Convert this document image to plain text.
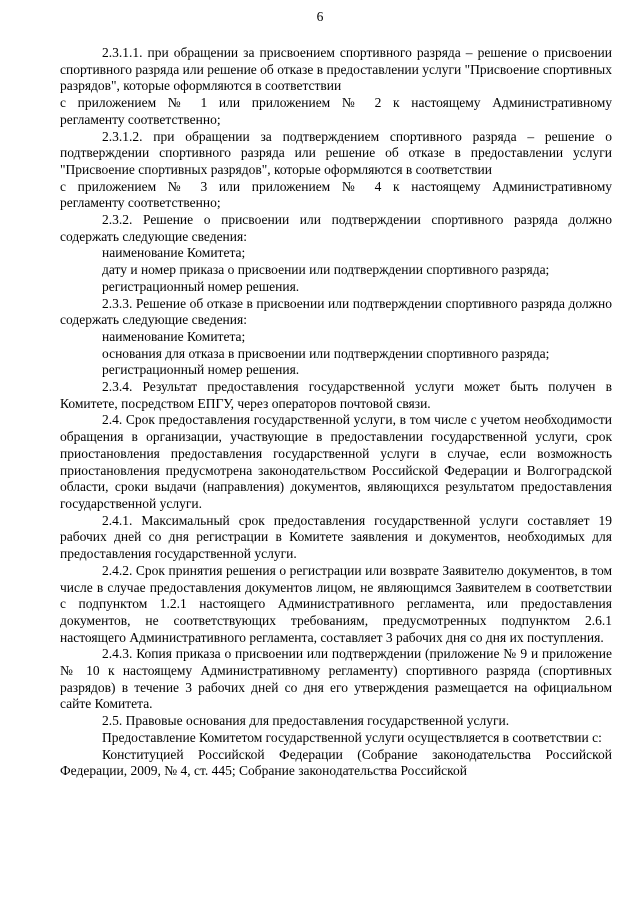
6

2.3.1.1. при обращении за присвоением спортивного разряда – решение о присвоении спортивного разряда или решение об отказе в предоставлении услуги "Присвоение спортивных разрядов", которые оформляются в соответствии

с приложением № 1 или приложением № 2 к настоящему Административному

регламенту соответственно;

2.3.1.2. при обращении за подтверждением спортивного разряда – решение о подтверждении спортивного разряда или решение об отказе в предоставлении услуги "Присвоение спортивных разрядов", которые оформляются в соответствии

с приложением № 3 или приложением № 4 к настоящему Административному

регламенту соответственно;

2.3.2. Решение о присвоении или подтверждении спортивного разряда должно содержать следующие сведения:

наименование Комитета;

дату и номер приказа о присвоении или подтверждении спортивного разряда;

регистрационный номер решения.

2.3.3. Решение об отказе в присвоении или подтверждении спортивного разряда должно содержать следующие сведения:

наименование Комитета;

основания для отказа в присвоении или подтверждении спортивного разряда;

регистрационный номер решения.

2.3.4. Результат предоставления государственной услуги может быть получен в Комитете, посредством ЕПГУ, через операторов почтовой связи.

2.4. Срок предоставления государственной услуги, в том числе с учетом необходимости обращения в организации, участвующие в предоставлении государственной услуги, срок приостановления предоставления государственной услуги в случае, если возможность приостановления предусмотрена законодательством Российской Федерации и Волгоградской области, сроки выдачи (направления) документов, являющихся результатом предоставления государственной услуги.

2.4.1. Максимальный срок предоставления государственной услуги составляет 19 рабочих дней со дня регистрации в Комитете заявления и документов, необходимых для предоставления государственной услуги.

2.4.2. Срок принятия решения о регистрации или возврате Заявителю документов, в том числе в случае предоставления документов лицом, не являющимся Заявителем в соответствии с подпунктом 1.2.1 настоящего Административного регламента, или предоставления документов, не соответствующих требованиям, предусмотренных подпунктом 2.6.1 настоящего Административного регламента, составляет 3 рабочих дня со дня их поступления.

2.4.3. Копия приказа о присвоении или подтверждении (приложение № 9 и приложение № 10 к настоящему Административному регламенту) спортивного разряда (спортивных разрядов) в течение 3 рабочих дней со дня его утверждения размещается на официальном сайте Комитета.

2.5. Правовые основания для предоставления государственной услуги.

Предоставление Комитетом государственной услуги осуществляется в соответствии с:

Конституцией Российской Федерации (Собрание законодательства Российской Федерации, 2009, № 4, ст. 445; Собрание законодательства Российской
